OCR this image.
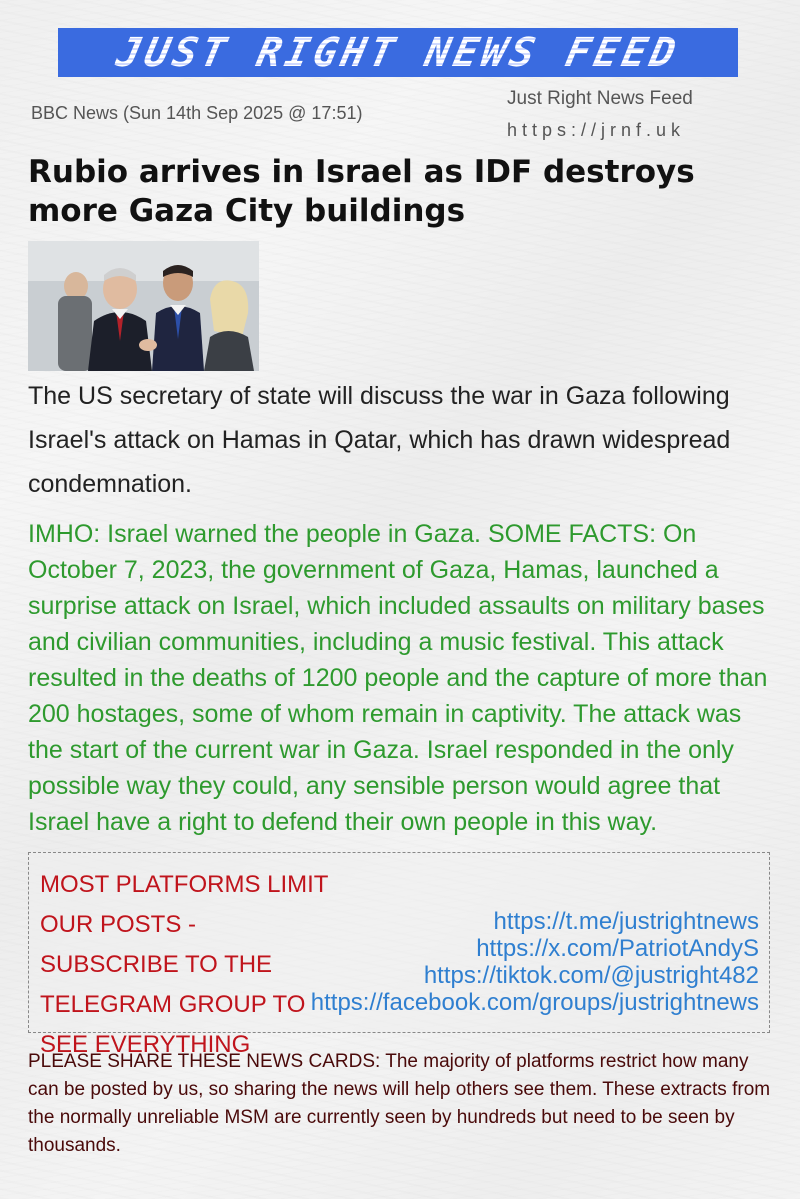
JUST RIGHT NEWS FEED
BBC News (Sun 14th Sep 2025 @ 17:51)
Just Right News Feed
https://jrnf.uk
Rubio arrives in Israel as IDF destroys more Gaza City buildings

The US secretary of state will discuss the war in Gaza following Israel's attack on Hamas in Qatar, which has drawn widespread condemnation.

IMHO: Israel warned the people in Gaza. SOME FACTS: On October 7, 2023, the government of Gaza, Hamas, launched a surprise attack on Israel, which included assaults on military bases and civilian communities, including a music festival. This attack resulted in the deaths of 1200 people and the capture of more than 200 hostages, some of whom remain in captivity. The attack was the start of the current war in Gaza. Israel responded in the only possible way they could, any sensible person would agree that Israel have a right to defend their own people in this way.

MOST PLATFORMS LIMIT OUR POSTS - SUBSCRIBE TO THE TELEGRAM GROUP TO SEE EVERYTHING

https://t.me/justrightnews
https://x.com/PatriotAndyS
https://tiktok.com/@justright482
https://facebook.com/groups/justrightnews

PLEASE SHARE THESE NEWS CARDS: The majority of platforms restrict how many can be posted by us, so sharing the news will help others see them. These extracts from the normally unreliable MSM are currently seen by hundreds but need to be seen by thousands.
